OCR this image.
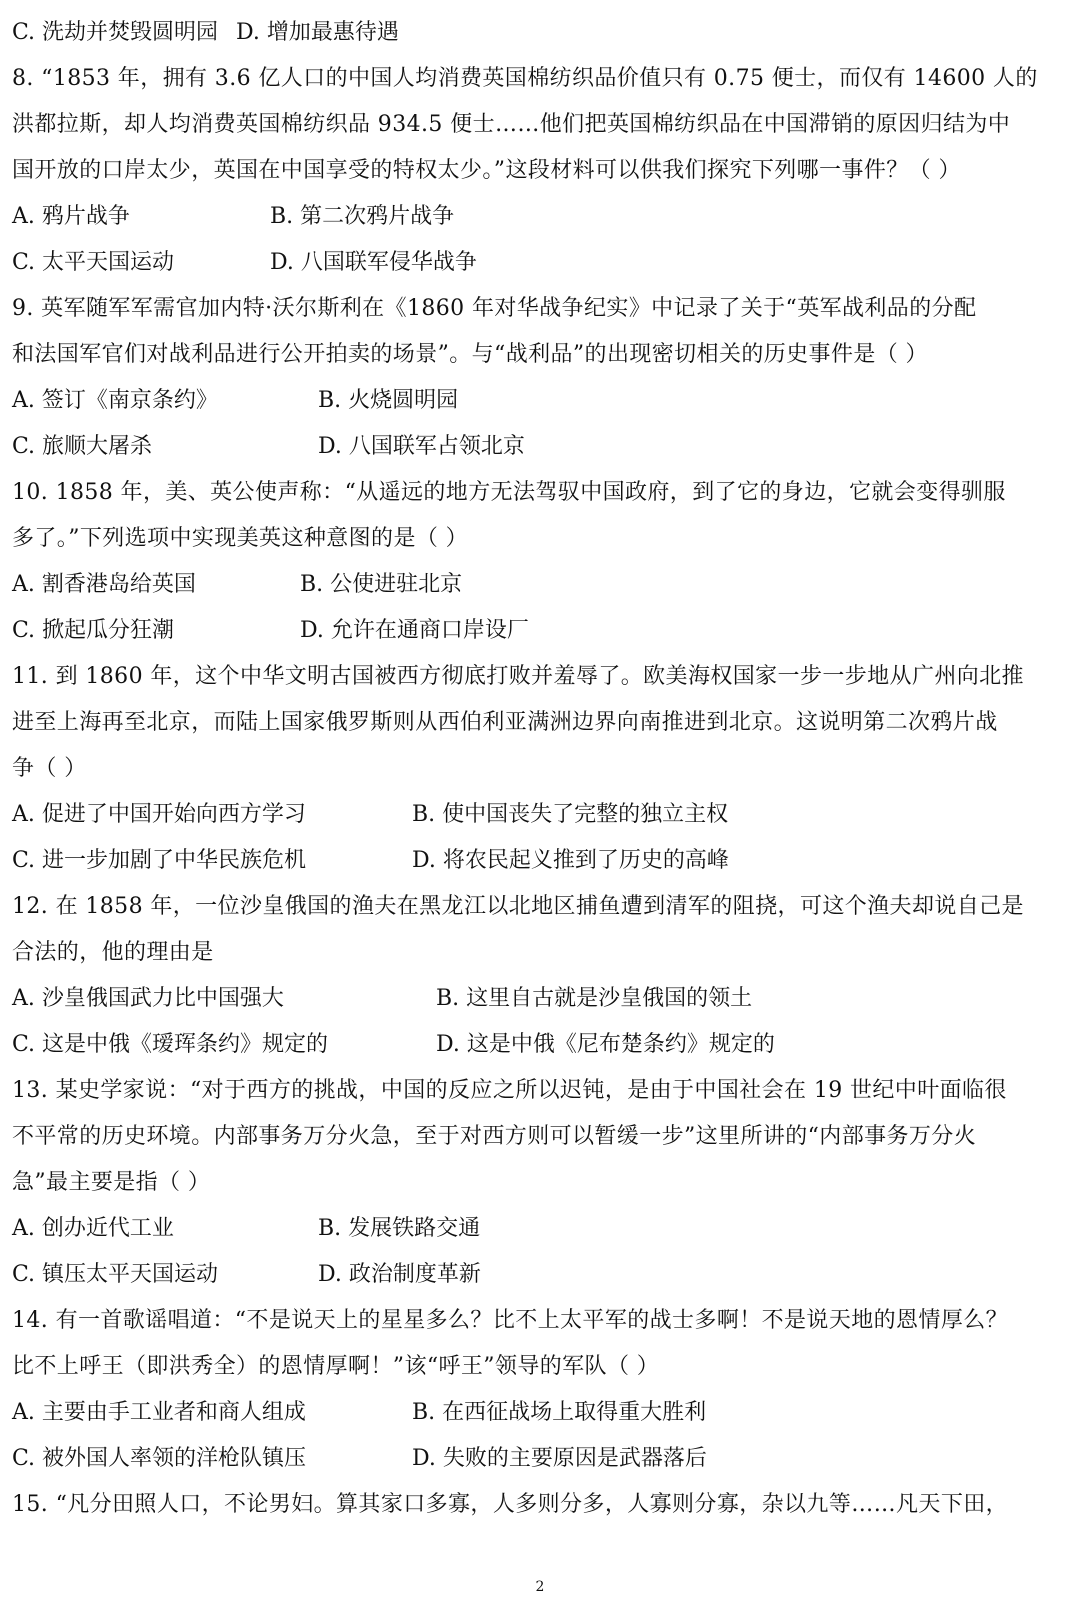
C. 洗劫并焚毁圆明园 D. 增加最惠待遇
8. “1853 年，拥有 3.6 亿人口的中国人均消费英国棉纺织品价值只有 0.75 便士，而仅有 14600 人的
洪都拉斯，却人均消费英国棉纺织品 934.5 便士……他们把英国棉纺织品在中国滞销的原因归结为中
国开放的口岸太少，英国在中国享受的特权太少。”这段材料可以供我们探究下列哪一事件？（ ）
A. 鸦片战争	B. 第二次鸦片战争
C. 太平天国运动	D. 八国联军侵华战争
9. 英军随军军需官加内特·沃尔斯利在《1860 年对华战争纪实》中记录了关于“英军战利品的分配
和法国军官们对战利品进行公开拍卖的场景”。与“战利品”的出现密切相关的历史事件是（ ）
A. 签订《南京条约》	B. 火烧圆明园
C. 旅顺大屠杀	D. 八国联军占领北京
10. 1858 年，美、英公使声称：“从遥远的地方无法驾驭中国政府，到了它的身边，它就会变得驯服
多了。”下列选项中实现美英这种意图的是（ ）
A. 割香港岛给英国	B. 公使进驻北京
C. 掀起瓜分狂潮	D. 允许在通商口岸设厂
11. 到 1860 年，这个中华文明古国被西方彻底打败并羞辱了。欧美海权国家一步一步地从广州向北推
进至上海再至北京，而陆上国家俄罗斯则从西伯利亚满洲边界向南推进到北京。这说明第二次鸦片战
争（ ）
A. 促进了中国开始向西方学习	B. 使中国丧失了完整的独立主权
C. 进一步加剧了中华民族危机	D. 将农民起义推到了历史的高峰
12. 在 1858 年，一位沙皇俄国的渔夫在黑龙江以北地区捕鱼遭到清军的阻挠，可这个渔夫却说自己是
合法的，他的理由是
A. 沙皇俄国武力比中国强大	B. 这里自古就是沙皇俄国的领土
C. 这是中俄《瑷珲条约》规定的	D. 这是中俄《尼布楚条约》规定的
13. 某史学家说：“对于西方的挑战，中国的反应之所以迟钝，是由于中国社会在 19 世纪中叶面临很
不平常的历史环境。内部事务万分火急，至于对西方则可以暂缓一步”这里所讲的“内部事务万分火
急”最主要是指（ ）
A. 创办近代工业	B. 发展铁路交通
C. 镇压太平天国运动	D. 政治制度革新
14. 有一首歌谣唱道：“不是说天上的星星多么？比不上太平军的战士多啊！不是说天地的恩情厚么？
比不上呼王（即洪秀全）的恩情厚啊！”该“呼王”领导的军队（ ）
A. 主要由手工业者和商人组成	B. 在西征战场上取得重大胜利
C. 被外国人率领的洋枪队镇压	D. 失败的主要原因是武器落后
15. “凡分田照人口，不论男妇。算其家口多寡，人多则分多，人寡则分寡，杂以九等……凡天下田，
2
